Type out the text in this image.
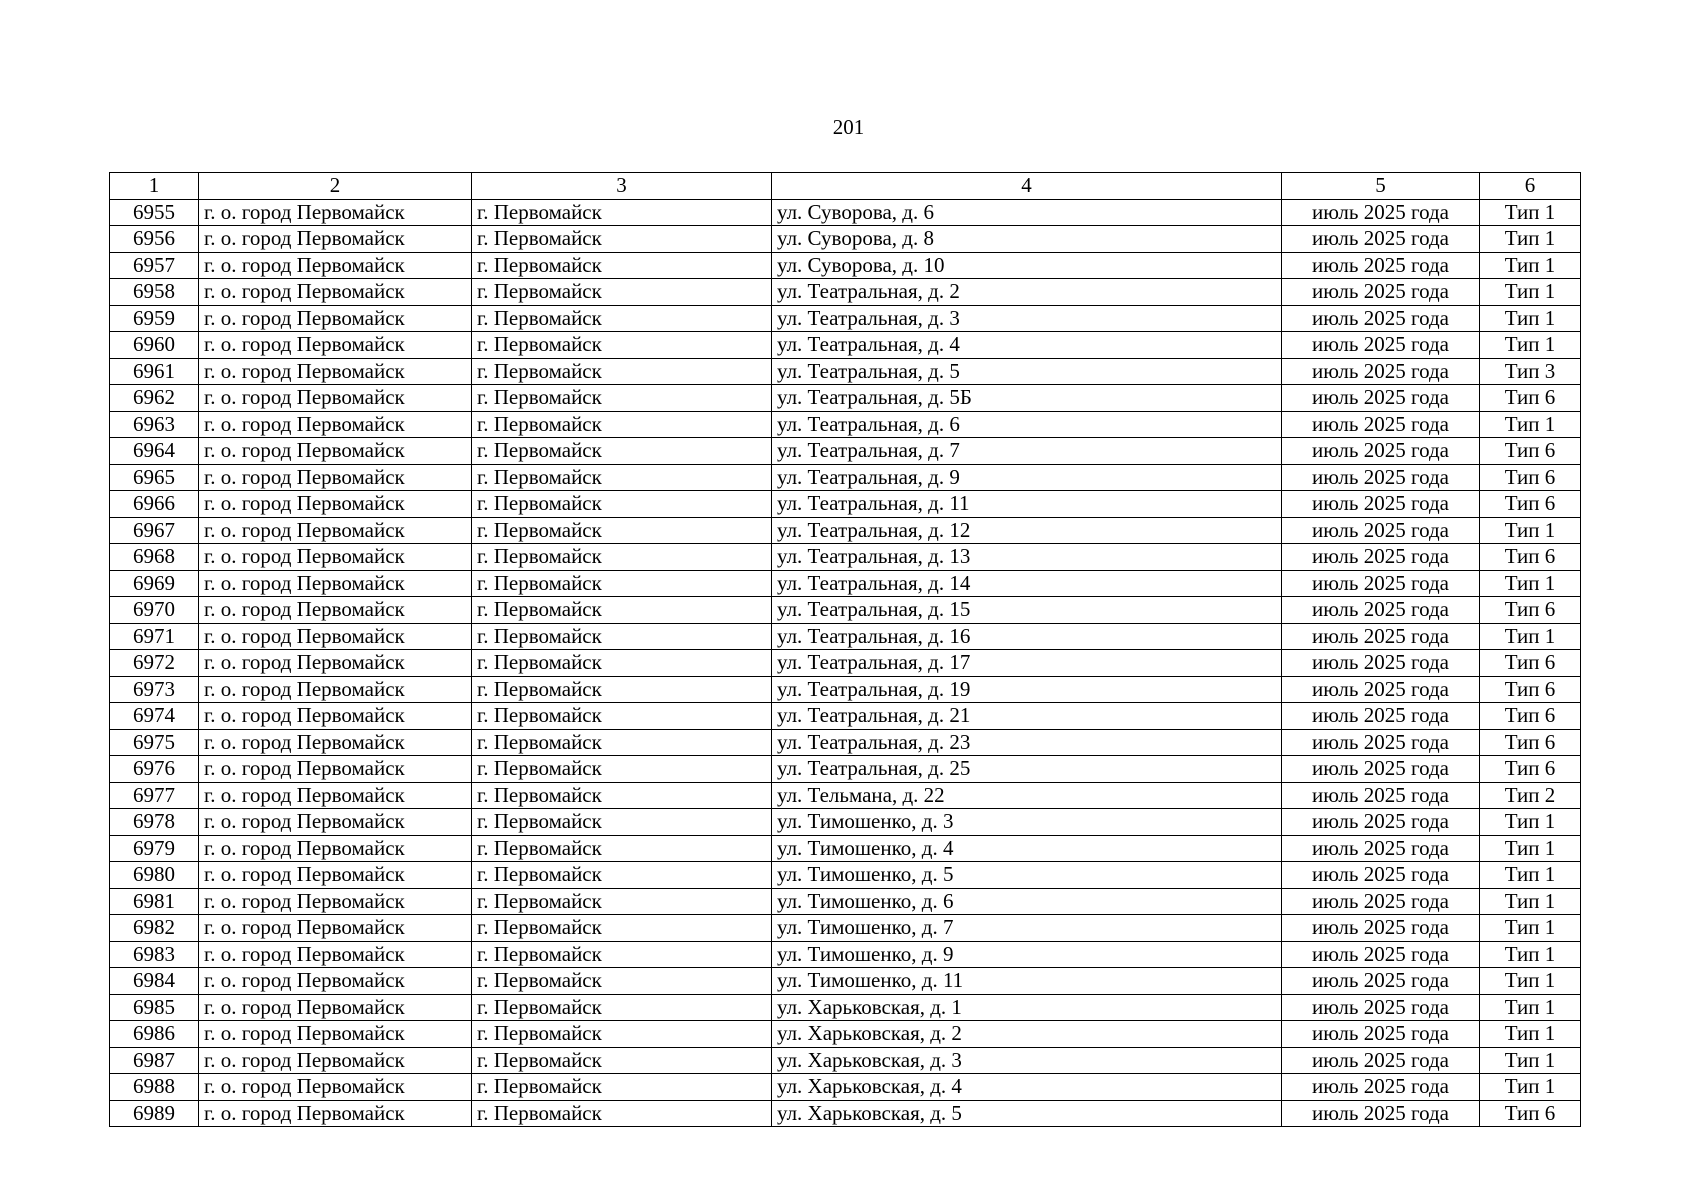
201
1	2	3	4	5	6
6955	г. о. город Первомайск	г. Первомайск	ул. Суворова, д. 6	июль 2025 года	Тип 1
6956	г. о. город Первомайск	г. Первомайск	ул. Суворова, д. 8	июль 2025 года	Тип 1
6957	г. о. город Первомайск	г. Первомайск	ул. Суворова, д. 10	июль 2025 года	Тип 1
6958	г. о. город Первомайск	г. Первомайск	ул. Театральная, д. 2	июль 2025 года	Тип 1
6959	г. о. город Первомайск	г. Первомайск	ул. Театральная, д. 3	июль 2025 года	Тип 1
6960	г. о. город Первомайск	г. Первомайск	ул. Театральная, д. 4	июль 2025 года	Тип 1
6961	г. о. город Первомайск	г. Первомайск	ул. Театральная, д. 5	июль 2025 года	Тип 3
6962	г. о. город Первомайск	г. Первомайск	ул. Театральная, д. 5Б	июль 2025 года	Тип 6
6963	г. о. город Первомайск	г. Первомайск	ул. Театральная, д. 6	июль 2025 года	Тип 1
6964	г. о. город Первомайск	г. Первомайск	ул. Театральная, д. 7	июль 2025 года	Тип 6
6965	г. о. город Первомайск	г. Первомайск	ул. Театральная, д. 9	июль 2025 года	Тип 6
6966	г. о. город Первомайск	г. Первомайск	ул. Театральная, д. 11	июль 2025 года	Тип 6
6967	г. о. город Первомайск	г. Первомайск	ул. Театральная, д. 12	июль 2025 года	Тип 1
6968	г. о. город Первомайск	г. Первомайск	ул. Театральная, д. 13	июль 2025 года	Тип 6
6969	г. о. город Первомайск	г. Первомайск	ул. Театральная, д. 14	июль 2025 года	Тип 1
6970	г. о. город Первомайск	г. Первомайск	ул. Театральная, д. 15	июль 2025 года	Тип 6
6971	г. о. город Первомайск	г. Первомайск	ул. Театральная, д. 16	июль 2025 года	Тип 1
6972	г. о. город Первомайск	г. Первомайск	ул. Театральная, д. 17	июль 2025 года	Тип 6
6973	г. о. город Первомайск	г. Первомайск	ул. Театральная, д. 19	июль 2025 года	Тип 6
6974	г. о. город Первомайск	г. Первомайск	ул. Театральная, д. 21	июль 2025 года	Тип 6
6975	г. о. город Первомайск	г. Первомайск	ул. Театральная, д. 23	июль 2025 года	Тип 6
6976	г. о. город Первомайск	г. Первомайск	ул. Театральная, д. 25	июль 2025 года	Тип 6
6977	г. о. город Первомайск	г. Первомайск	ул. Тельмана, д. 22	июль 2025 года	Тип 2
6978	г. о. город Первомайск	г. Первомайск	ул. Тимошенко, д. 3	июль 2025 года	Тип 1
6979	г. о. город Первомайск	г. Первомайск	ул. Тимошенко, д. 4	июль 2025 года	Тип 1
6980	г. о. город Первомайск	г. Первомайск	ул. Тимошенко, д. 5	июль 2025 года	Тип 1
6981	г. о. город Первомайск	г. Первомайск	ул. Тимошенко, д. 6	июль 2025 года	Тип 1
6982	г. о. город Первомайск	г. Первомайск	ул. Тимошенко, д. 7	июль 2025 года	Тип 1
6983	г. о. город Первомайск	г. Первомайск	ул. Тимошенко, д. 9	июль 2025 года	Тип 1
6984	г. о. город Первомайск	г. Первомайск	ул. Тимошенко, д. 11	июль 2025 года	Тип 1
6985	г. о. город Первомайск	г. Первомайск	ул. Харьковская, д. 1	июль 2025 года	Тип 1
6986	г. о. город Первомайск	г. Первомайск	ул. Харьковская, д. 2	июль 2025 года	Тип 1
6987	г. о. город Первомайск	г. Первомайск	ул. Харьковская, д. 3	июль 2025 года	Тип 1
6988	г. о. город Первомайск	г. Первомайск	ул. Харьковская, д. 4	июль 2025 года	Тип 1
6989	г. о. город Первомайск	г. Первомайск	ул. Харьковская, д. 5	июль 2025 года	Тип 6
